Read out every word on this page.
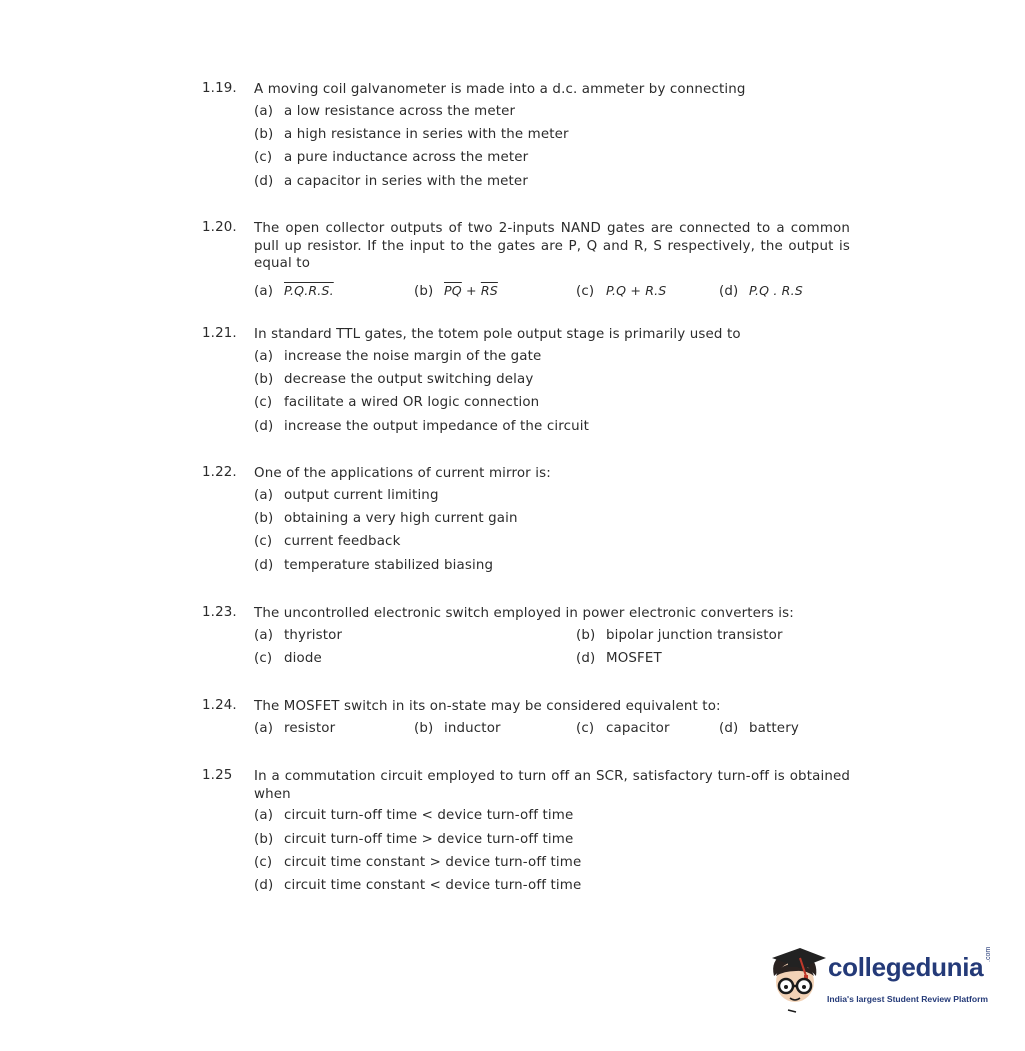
1.19. A moving coil galvanometer is made into a d.c. ammeter by connecting
(a) a low resistance across the meter
(b) a high resistance in series with the meter
(c) a pure inductance across the meter
(d) a capacitor in series with the meter
1.20. The open collector outputs of two 2-inputs NAND gates are connected to a common pull up resistor. If the input to the gates are P, Q and R, S respectively, the output is equal to
(a) P.Q.R.S.	(b) $\overline{PQ} + \overline{RS}$	(c) P.Q + R.S	(d) P.Q . R.S
1.21. In standard TTL gates, the totem pole output stage is primarily used to
(a) increase the noise margin of the gate
(b) decrease the output switching delay
(c) facilitate a wired OR logic connection
(d) increase the output impedance of the circuit
1.22. One of the applications of current mirror is:
(a) output current limiting
(b) obtaining a very high current gain
(c) current feedback
(d) temperature stabilized biasing
1.23. The uncontrolled electronic switch employed in power electronic converters is:
(a) thyristor	(b) bipolar junction transistor
(c) diode	(d) MOSFET
1.24. The MOSFET switch in its on-state may be considered equivalent to:
(a) resistor	(b) inductor	(c) capacitor	(d) battery
1.25 In a commutation circuit employed to turn off an SCR, satisfactory turn-off is obtained when
(a) circuit turn-off time < device turn-off time
(b) circuit turn-off time > device turn-off time
(c) circuit time constant > device turn-off time
(d) circuit time constant < device turn-off time
collegedunia .com
India's largest Student Review Platform
